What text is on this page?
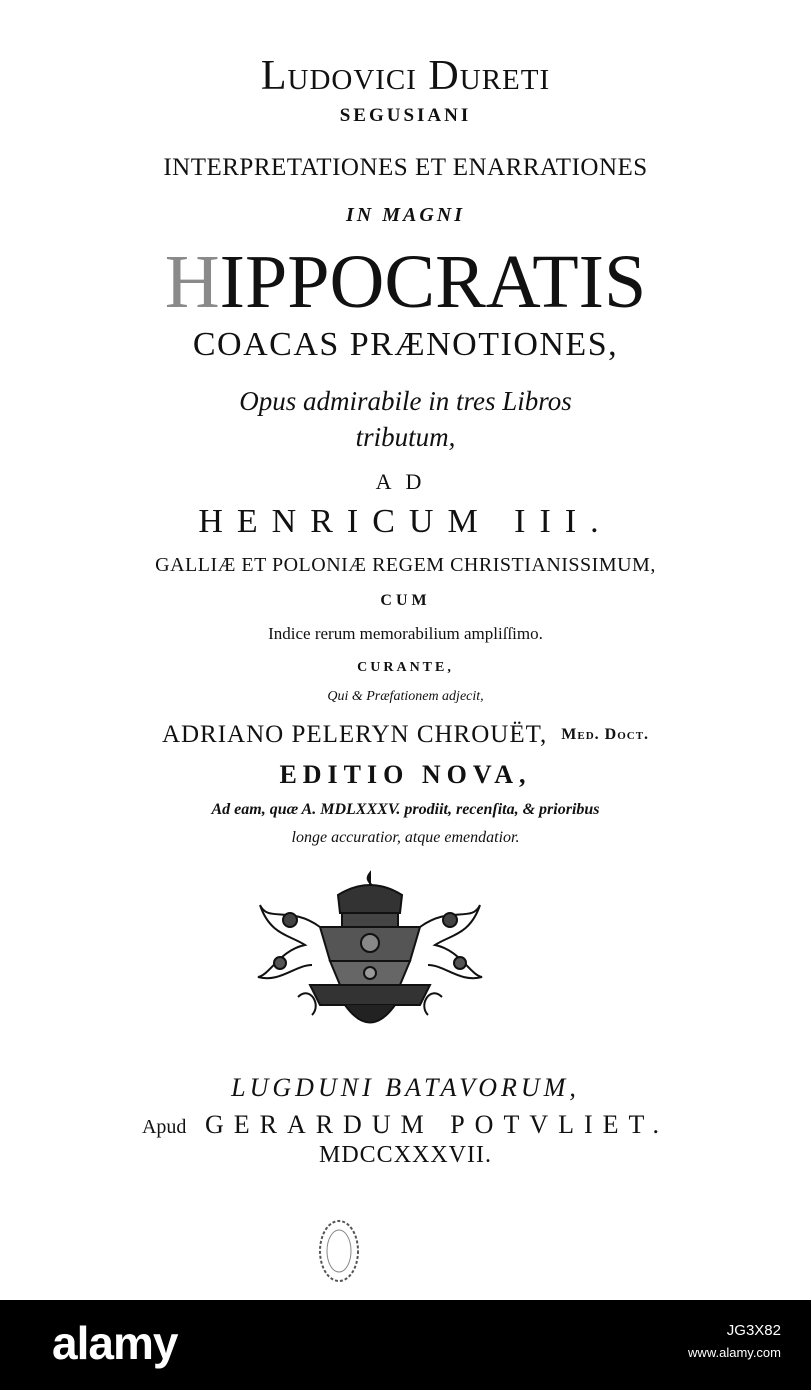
Ludovici Dureti
SEGUSIANI
INTERPRETATIONES ET ENARRATIONES
IN MAGNI
HIPPOCRATIS
COACAS PRÆNOTIONES,
Opus admirabile in tres Libros
tributum,
AD
HENRICUM III.
GALLIÆ ET POLONIÆ REGEM CHRISTIANISSIMUM,
CUM
Indice rerum memorabilium ampliſſimo.
CURANTE,
Qui & Præfationem adjecit,
ADRIANO PELERYN CHROUËT, Med. Doct.
EDITIO NOVA,
Ad eam, quæ A. MDLXXXV. prodiit, recenſita, & prioribus
longe accuratior, atque emendatior.
LUGDUNI BATAVORUM,
Apud GERARDUM POTVLIET.
MDCCXXXVII.
alamy	JG3X82
www.alamy.com
